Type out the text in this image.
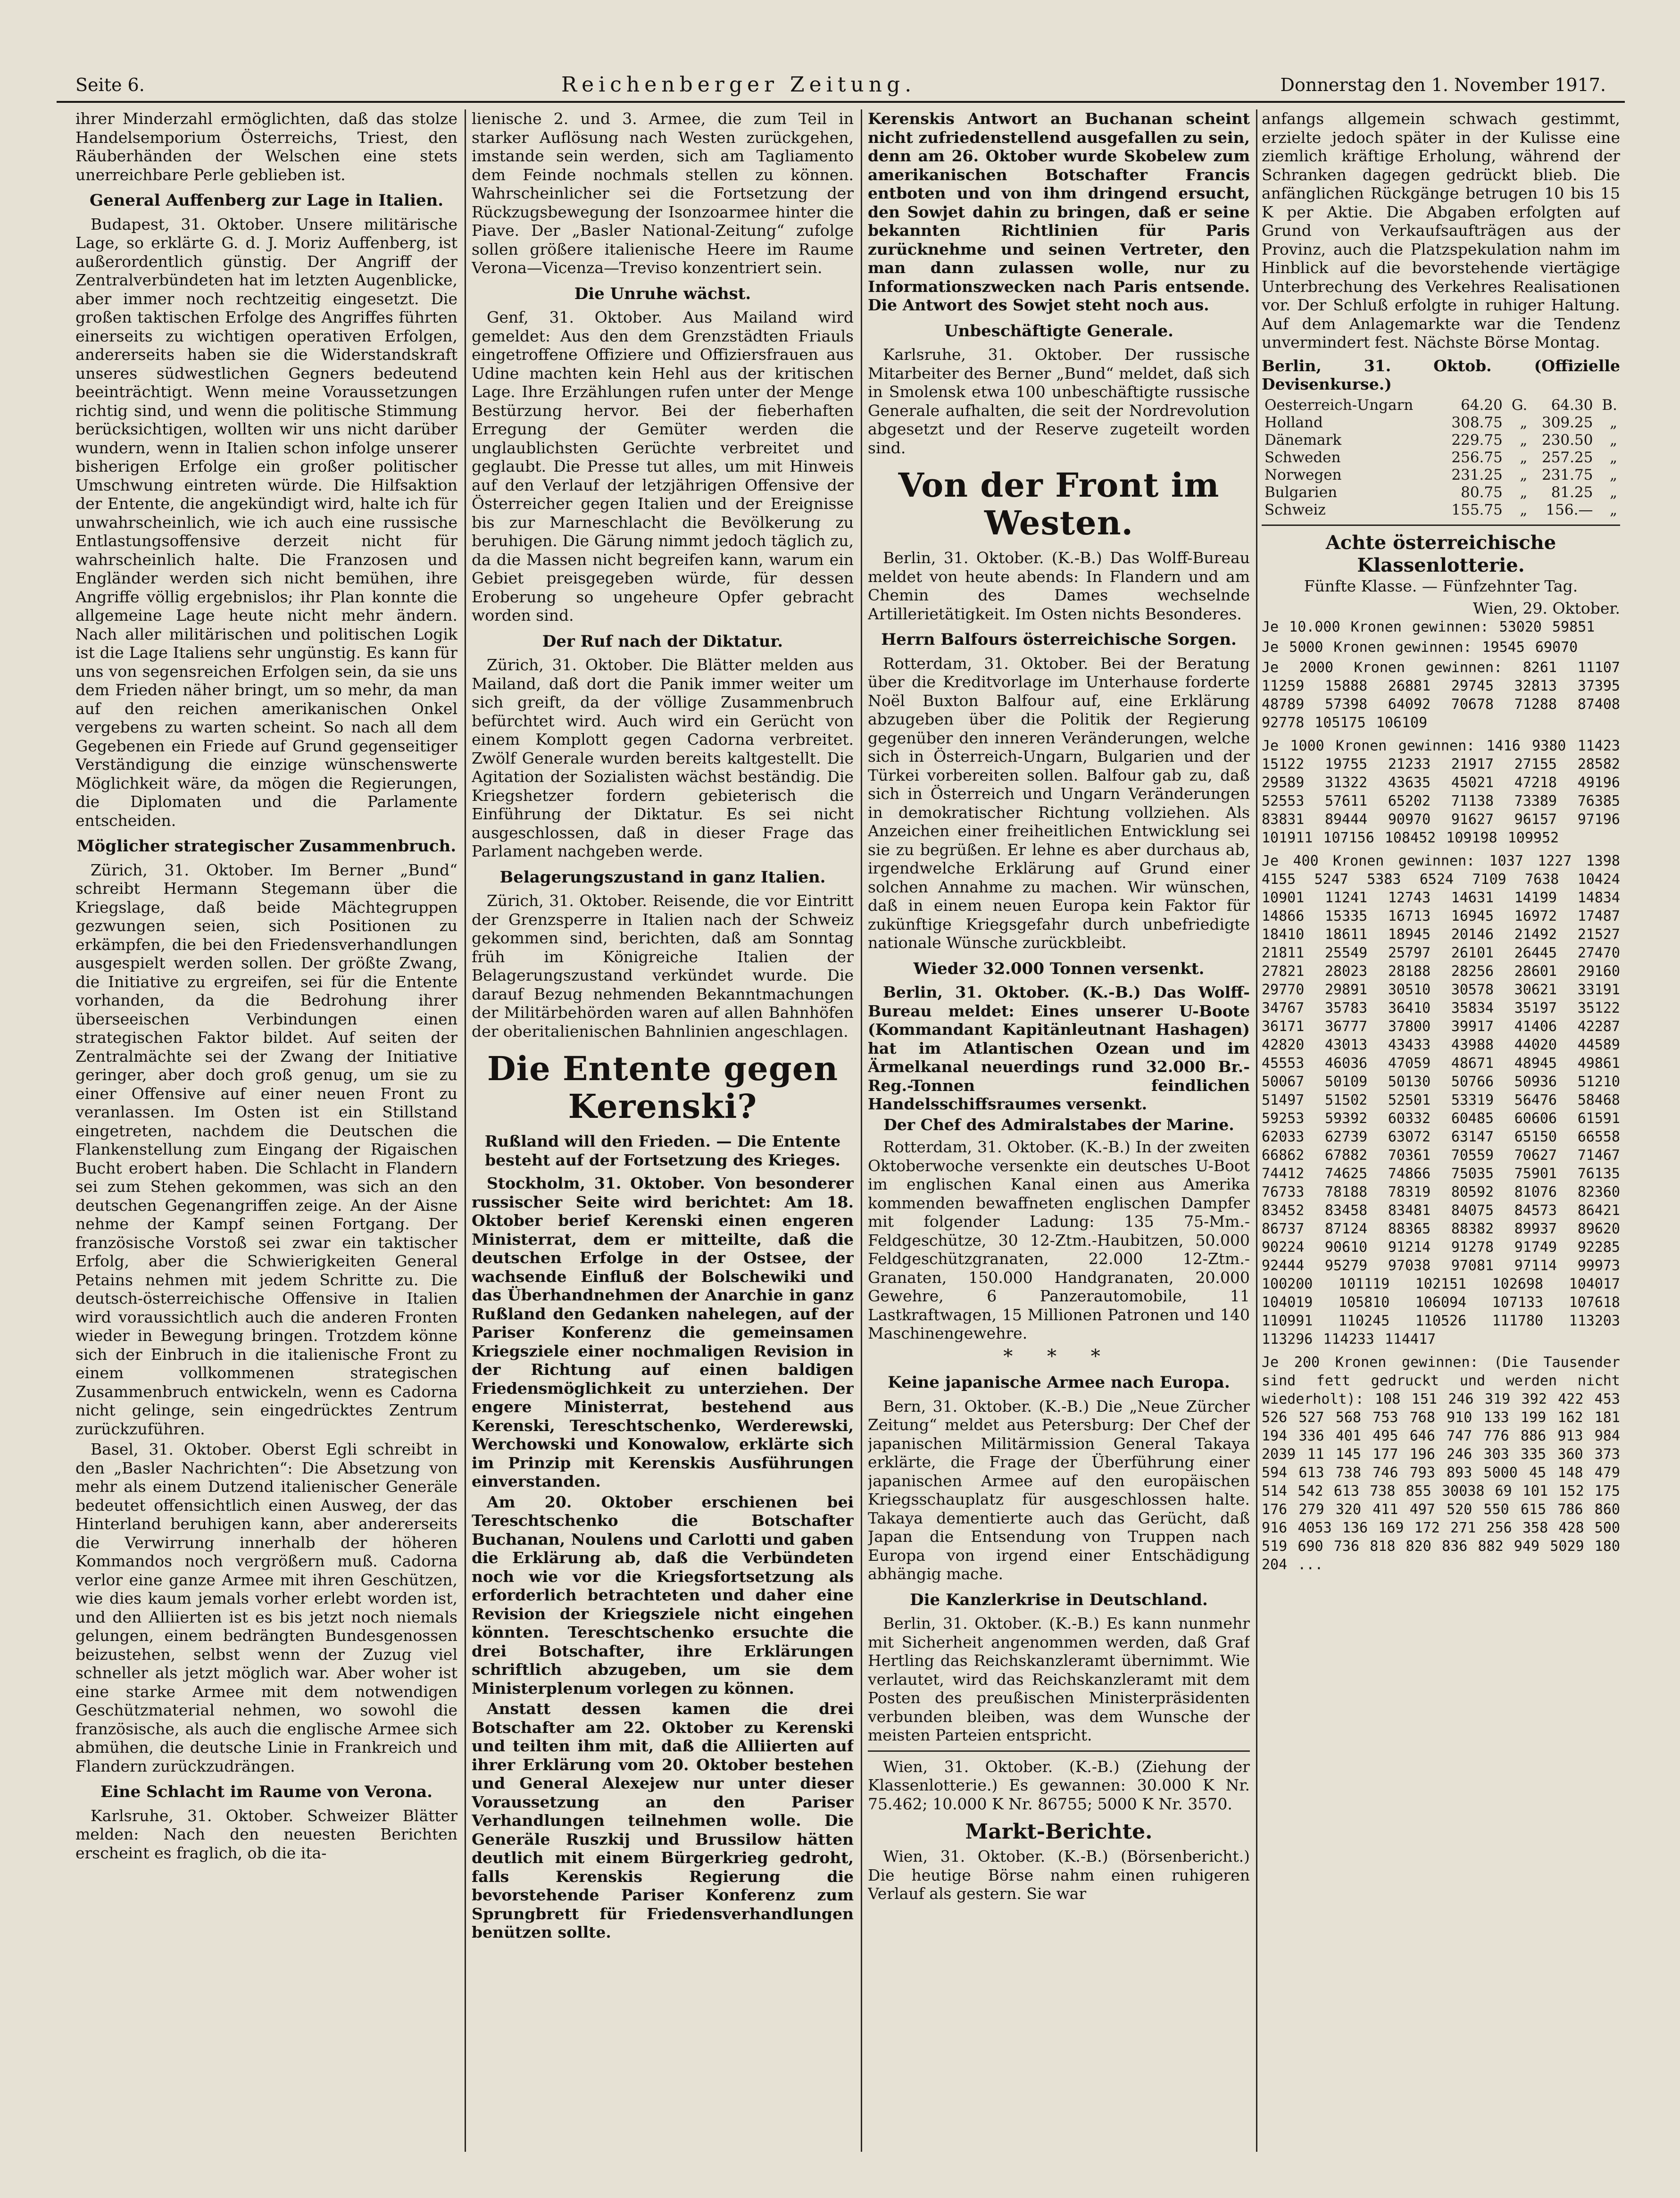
Seite 6.	Reichenberger Zeitung.	Donnerstag den 1. November 1917.

ihrer Minderzahl ermöglichten, daß das stolze Handelsemporium Österreichs, Triest, den Räuberhänden der Welschen eine stets unerreichbare Perle geblieben ist.

General Auffenberg zur Lage in Italien.

Budapest, 31. Oktober. Unsere militärische Lage, so erklärte G. d. J. Moriz Auffenberg, ist außerordentlich günstig. Der Angriff der Zentralverbündeten hat im letzten Augenblicke, aber immer noch rechtzeitig eingesetzt. Die großen taktischen Erfolge des Angriffes führten einerseits zu wichtigen operativen Erfolgen, andererseits haben sie die Widerstandskraft unseres südwestlichen Gegners bedeutend beeinträchtigt. Wenn meine Voraussetzungen richtig sind, und wenn die politische Stimmung berücksichtigen, wollten wir uns nicht darüber wundern, wenn in Italien schon infolge unserer bisherigen Erfolge ein großer politischer Umschwung eintreten würde. Die Hilfsaktion der Entente, die angekündigt wird, halte ich für unwahrscheinlich, wie ich auch eine russische Entlastungsoffensive derzeit nicht für wahrscheinlich halte. Die Franzosen und Engländer werden sich nicht bemühen, ihre Angriffe völlig ergebnislos; ihr Plan konnte die allgemeine Lage heute nicht mehr ändern. Nach aller militärischen und politischen Logik ist die Lage Italiens sehr ungünstig. Es kann für uns von segensreichen Erfolgen sein, da sie uns dem Frieden näher bringt, um so mehr, da man auf den reichen amerikanischen Onkel vergebens zu warten scheint. So nach all dem Gegebenen ein Friede auf Grund gegenseitiger Verständigung die einzige wünschenswerte Möglichkeit wäre, da mögen die Regierungen, die Diplomaten und die Parlamente entscheiden.

Möglicher strategischer Zusammenbruch.

Zürich, 31. Oktober. Im Berner „Bund“ schreibt Hermann Stegemann über die Kriegslage, daß beide Mächtegruppen gezwungen seien, sich Positionen zu erkämpfen, die bei den Friedensverhandlungen ausgespielt werden sollen. Der größte Zwang, die Initiative zu ergreifen, sei für die Entente vorhanden, da die Bedrohung ihrer überseeischen Verbindungen einen strategischen Faktor bildet. Auf seiten der Zentralmächte sei der Zwang der Initiative geringer, aber doch groß genug, um sie zu einer Offensive auf einer neuen Front zu veranlassen. Im Osten ist ein Stillstand eingetreten, nachdem die Deutschen die Flankenstellung zum Eingang der Rigaischen Bucht erobert haben. Die Schlacht in Flandern sei zum Stehen gekommen, was sich an den deutschen Gegenangriffen zeige. An der Aisne nehme der Kampf seinen Fortgang. Der französische Vorstoß sei zwar ein taktischer Erfolg, aber die Schwierigkeiten General Petains nehmen mit jedem Schritte zu. Die deutsch-österreichische Offensive in Italien wird voraussichtlich auch die anderen Fronten wieder in Bewegung bringen. Trotzdem könne sich der Einbruch in die italienische Front zu einem vollkommenen strategischen Zusammenbruch entwickeln, wenn es Cadorna nicht gelinge, sein eingedrücktes Zentrum zurückzuführen.

Basel, 31. Oktober. Oberst Egli schreibt in den „Basler Nachrichten“: Die Absetzung von mehr als einem Dutzend italienischer Generäle bedeutet offensichtlich einen Ausweg, der das Hinterland beruhigen kann, aber andererseits die Verwirrung innerhalb der höheren Kommandos noch vergrößern muß. Cadorna verlor eine ganze Armee mit ihren Geschützen, wie dies kaum jemals vorher erlebt worden ist, und den Alliierten ist es bis jetzt noch niemals gelungen, einem bedrängten Bundesgenossen beizustehen, selbst wenn der Zuzug viel schneller als jetzt möglich war. Aber woher ist eine starke Armee mit dem notwendigen Geschützmaterial nehmen, wo sowohl die französische, als auch die englische Armee sich abmühen, die deutsche Linie in Frankreich und Flandern zurückzudrängen.

Eine Schlacht im Raume von Verona.

Karlsruhe, 31. Oktober. Schweizer Blätter melden: Nach den neuesten Berichten erscheint es fraglich, ob die ita-

lienische 2. und 3. Armee, die zum Teil in starker Auflösung nach Westen zurückgehen, imstande sein werden, sich am Tagliamento dem Feinde nochmals stellen zu können. Wahrscheinlicher sei die Fortsetzung der Rückzugsbewegung der Isonzoarmee hinter die Piave. Der „Basler National-Zeitung“ zufolge sollen größere italienische Heere im Raume Verona—Vicenza—Treviso konzentriert sein.

Die Unruhe wächst.

Genf, 31. Oktober. Aus Mailand wird gemeldet: Aus den dem Grenzstädten Friauls eingetroffene Offiziere und Offiziersfrauen aus Udine machten kein Hehl aus der kritischen Lage. Ihre Erzählungen rufen unter der Menge Bestürzung hervor. Bei der fieberhaften Erregung der Gemüter werden die unglaublichsten Gerüchte verbreitet und geglaubt. Die Presse tut alles, um mit Hinweis auf den Verlauf der letzjährigen Offensive der Österreicher gegen Italien und der Ereignisse bis zur Marneschlacht die Bevölkerung zu beruhigen. Die Gärung nimmt jedoch täglich zu, da die Massen nicht begreifen kann, warum ein Gebiet preisgegeben würde, für dessen Eroberung so ungeheure Opfer gebracht worden sind.

Der Ruf nach der Diktatur.

Zürich, 31. Oktober. Die Blätter melden aus Mailand, daß dort die Panik immer weiter um sich greift, da der völlige Zusammenbruch befürchtet wird. Auch wird ein Gerücht von einem Komplott gegen Cadorna verbreitet. Zwölf Generale wurden bereits kaltgestellt. Die Agitation der Sozialisten wächst beständig. Die Kriegshetzer fordern gebieterisch die Einführung der Diktatur. Es sei nicht ausgeschlossen, daß in dieser Frage das Parlament nachgeben werde.

Belagerungszustand in ganz Italien.

Zürich, 31. Oktober. Reisende, die vor Eintritt der Grenzsperre in Italien nach der Schweiz gekommen sind, berichten, daß am Sonntag früh im Königreiche Italien der Belagerungszustand verkündet wurde. Die darauf Bezug nehmenden Bekanntmachungen der Militärbehörden waren auf allen Bahnhöfen der oberitalienischen Bahnlinien angeschlagen.

Die Entente gegen Kerenski?
Rußland will den Frieden. — Die Entente besteht auf der Fortsetzung des Krieges.

Stockholm, 31. Oktober. Von besonderer russischer Seite wird berichtet: Am 18. Oktober berief Kerenski einen engeren Ministerrat, dem er mitteilte, daß die deutschen Erfolge in der Ostsee, der wachsende Einfluß der Bolschewiki und das Überhandnehmen der Anarchie in ganz Rußland den Gedanken nahelegen, auf der Pariser Konferenz die gemeinsamen Kriegsziele einer nochmaligen Revision in der Richtung auf einen baldigen Friedensmöglichkeit zu unterziehen. Der engere Ministerrat, bestehend aus Kerenski, Tereschtschenko, Werderewski, Werchowski und Konowalow, erklärte sich im Prinzip mit Kerenskis Ausführungen einverstanden.

Am 20. Oktober erschienen bei Tereschtschenko die Botschafter Buchanan, Noulens und Carlotti und gaben die Erklärung ab, daß die Verbündeten noch wie vor die Kriegsfortsetzung als erforderlich betrachteten und daher eine Revision der Kriegsziele nicht eingehen könnten. Tereschtschenko ersuchte die drei Botschafter, ihre Erklärungen schriftlich abzugeben, um sie dem Ministerplenum vorlegen zu können.

Anstatt dessen kamen die drei Botschafter am 22. Oktober zu Kerenski und teilten ihm mit, daß die Alliierten auf ihrer Erklärung vom 20. Oktober bestehen und General Alexejew nur unter dieser Voraussetzung an den Pariser Verhandlungen teilnehmen wolle. Die Generäle Ruszkij und Brussilow hätten deutlich mit einem Bürgerkrieg gedroht, falls Kerenskis Regierung die bevorstehende Pariser Konferenz zum Sprungbrett für Friedensverhandlungen benützen sollte.

Kerenskis Antwort an Buchanan scheint nicht zufriedenstellend ausgefallen zu sein, denn am 26. Oktober wurde Skobelew zum amerikanischen Botschafter Francis entboten und von ihm dringend ersucht, den Sowjet dahin zu bringen, daß er seine bekannten Richtlinien für Paris zurücknehme und seinen Vertreter, den man dann zulassen wolle, nur zu Informationszwecken nach Paris entsende. Die Antwort des Sowjet steht noch aus.

Unbeschäftigte Generale.

Karlsruhe, 31. Oktober. Der russische Mitarbeiter des Berner „Bund“ meldet, daß sich in Smolensk etwa 100 unbeschäftigte russische Generale aufhalten, die seit der Nordrevolution abgesetzt und der Reserve zugeteilt worden sind.

Von der Front im Westen.

Berlin, 31. Oktober. (K.-B.) Das Wolff-Bureau meldet von heute abends: In Flandern und am Chemin des Dames wechselnde Artillerietätigkeit. Im Osten nichts Besonderes.

Herrn Balfours österreichische Sorgen.

Rotterdam, 31. Oktober. Bei der Beratung über die Kreditvorlage im Unterhause forderte Noël Buxton Balfour auf, eine Erklärung abzugeben über die Politik der Regierung gegenüber den inneren Veränderungen, welche sich in Österreich-Ungarn, Bulgarien und der Türkei vorbereiten sollen. Balfour gab zu, daß sich in Österreich und Ungarn Veränderungen in demokratischer Richtung vollziehen. Als Anzeichen einer freiheitlichen Entwicklung sei sie zu begrüßen. Er lehne es aber durchaus ab, irgendwelche Erklärung auf Grund einer solchen Annahme zu machen. Wir wünschen, daß in einem neuen Europa kein Faktor für zukünftige Kriegsgefahr durch unbefriedigte nationale Wünsche zurückbleibt.

Wieder 32.000 Tonnen versenkt.

Berlin, 31. Oktober. (K.-B.) Das Wolff-Bureau meldet: Eines unserer U-Boote (Kommandant Kapitänleutnant Hashagen) hat im Atlantischen Ozean und im Ärmelkanal neuerdings rund 32.000 Br.-Reg.-Tonnen feindlichen Handelsschiffsraumes versenkt.

Der Chef des Admiralstabes der Marine.

Rotterdam, 31. Oktober. (K.-B.) In der zweiten Oktoberwoche versenkte ein deutsches U-Boot im englischen Kanal einen aus Amerika kommenden bewaffneten englischen Dampfer mit folgender Ladung: 135 75-Mm.-Feldgeschütze, 30 12-Ztm.-Haubitzen, 50.000 Feldgeschützgranaten, 22.000 12-Ztm.-Granaten, 150.000 Handgranaten, 20.000 Gewehre, 6 Panzerautomobile, 11 Lastkraftwagen, 15 Millionen Patronen und 140 Maschinengewehre.

* * *
Keine japanische Armee nach Europa.

Bern, 31. Oktober. (K.-B.) Die „Neue Zürcher Zeitung“ meldet aus Petersburg: Der Chef der japanischen Militärmission General Takaya erklärte, die Frage der Überführung einer japanischen Armee auf den europäischen Kriegsschauplatz für ausgeschlossen halte. Takaya dementierte auch das Gerücht, daß Japan die Entsendung von Truppen nach Europa von irgend einer Entschädigung abhängig mache.

Die Kanzlerkrise in Deutschland.

Berlin, 31. Oktober. (K.-B.) Es kann nunmehr mit Sicherheit angenommen werden, daß Graf Hertling das Reichskanzleramt übernimmt. Wie verlautet, wird das Reichskanzleramt mit dem Posten des preußischen Ministerpräsidenten verbunden bleiben, was dem Wunsche der meisten Parteien entspricht.

Wien, 31. Oktober. (K.-B.) (Ziehung der Klassenlotterie.) Es gewannen: 30.000 K Nr. 75.462; 10.000 K Nr. 86755; 5000 K Nr. 3570.

Markt-Berichte.

Wien, 31. Oktober. (K.-B.) (Börsenbericht.) Die heutige Börse nahm einen ruhigeren Verlauf als gestern. Sie war

anfangs allgemein schwach gestimmt, erzielte jedoch später in der Kulisse eine ziemlich kräftige Erholung, während der Schranken dagegen gedrückt blieb. Die anfänglichen Rückgänge betrugen 10 bis 15 K per Aktie. Die Abgaben erfolgten auf Grund von Verkaufsaufträgen aus der Provinz, auch die Platzspekulation nahm im Hinblick auf die bevorstehende viertägige Unterbrechung des Verkehres Realisationen vor. Der Schluß erfolgte in ruhiger Haltung. Auf dem Anlagemarkte war die Tendenz unvermindert fest. Nächste Börse Montag.

Berlin, 31. Oktob. (Offizielle Devisenkurse.)
Oesterreich-Ungarn	64.20	G.	64.30	B.
Holland	308.75	„	309.25	„
Dänemark	229.75	„	230.50	„
Schweden	256.75	„	257.25	„
Norwegen	231.25	„	231.75	„
Bulgarien	80.75	„	81.25	„
Schweiz	155.75	„	156.—	„
Achte österreichische Klassenlotterie.
Fünfte Klasse. — Fünfzehnter Tag.
Wien, 29. Oktober.

Je 10.000 Kronen gewinnen: 53020 59851

Je 5000 Kronen gewinnen: 19545 69070

Je 2000 Kronen gewinnen: 8261 11107 11259 15888 26881 29745 32813 37395 48789 57398 64092 70678 71288 87408 92778 105175 106109

Je 1000 Kronen gewinnen: 1416 9380 11423 15122 19755 21233 21917 27155 28582 29589 31322 43635 45021 47218 49196 52553 57611 65202 71138 73389 76385 83831 89444 90970 91627 96157 97196 101911 107156 108452 109198 109952

Je 400 Kronen gewinnen: 1037 1227 1398 4155 5247 5383 6524 7109 7638 10424 10901 11241 12743 14631 14199 14834 14866 15335 16713 16945 16972 17487 18410 18611 18945 20146 21492 21527 21811 25549 25797 26101 26445 27470 27821 28023 28188 28256 28601 29160 29770 29891 30510 30578 30621 33191 34767 35783 36410 35834 35197 35122 36171 36777 37800 39917 41406 42287 42820 43013 43433 43988 44020 44589 45553 46036 47059 48671 48945 49861 50067 50109 50130 50766 50936 51210 51497 51502 52501 53319 56476 58468 59253 59392 60332 60485 60606 61591 62033 62739 63072 63147 65150 66558 66862 67882 70361 70559 70627 71467 74412 74625 74866 75035 75901 76135 76733 78188 78319 80592 81076 82360 83452 83458 83481 84075 84573 86421 86737 87124 88365 88382 89937 89620 90224 90610 91214 91278 91749 92285 92444 95279 97038 97081 97114 99973 100200 101119 102151 102698 104017 104019 105810 106094 107133 107618 110991 110245 110526 111780 113203 113296 114233 114417

Je 200 Kronen gewinnen: (Die Tausender sind fett gedruckt und werden nicht wiederholt): 108 151 246 319 392 422 453 526 527 568 753 768 910 133 199 162 181 194 336 401 495 646 747 776 886 913 984 2039 11 145 177 196 246 303 335 360 373 594 613 738 746 793 893 5000 45 148 479 514 542 613 738 855 30038 69 101 152 175 176 279 320 411 497 520 550 615 786 860 916 4053 136 169 172 271 256 358 428 500 519 690 736 818 820 836 882 949 5029 180 204 ...
